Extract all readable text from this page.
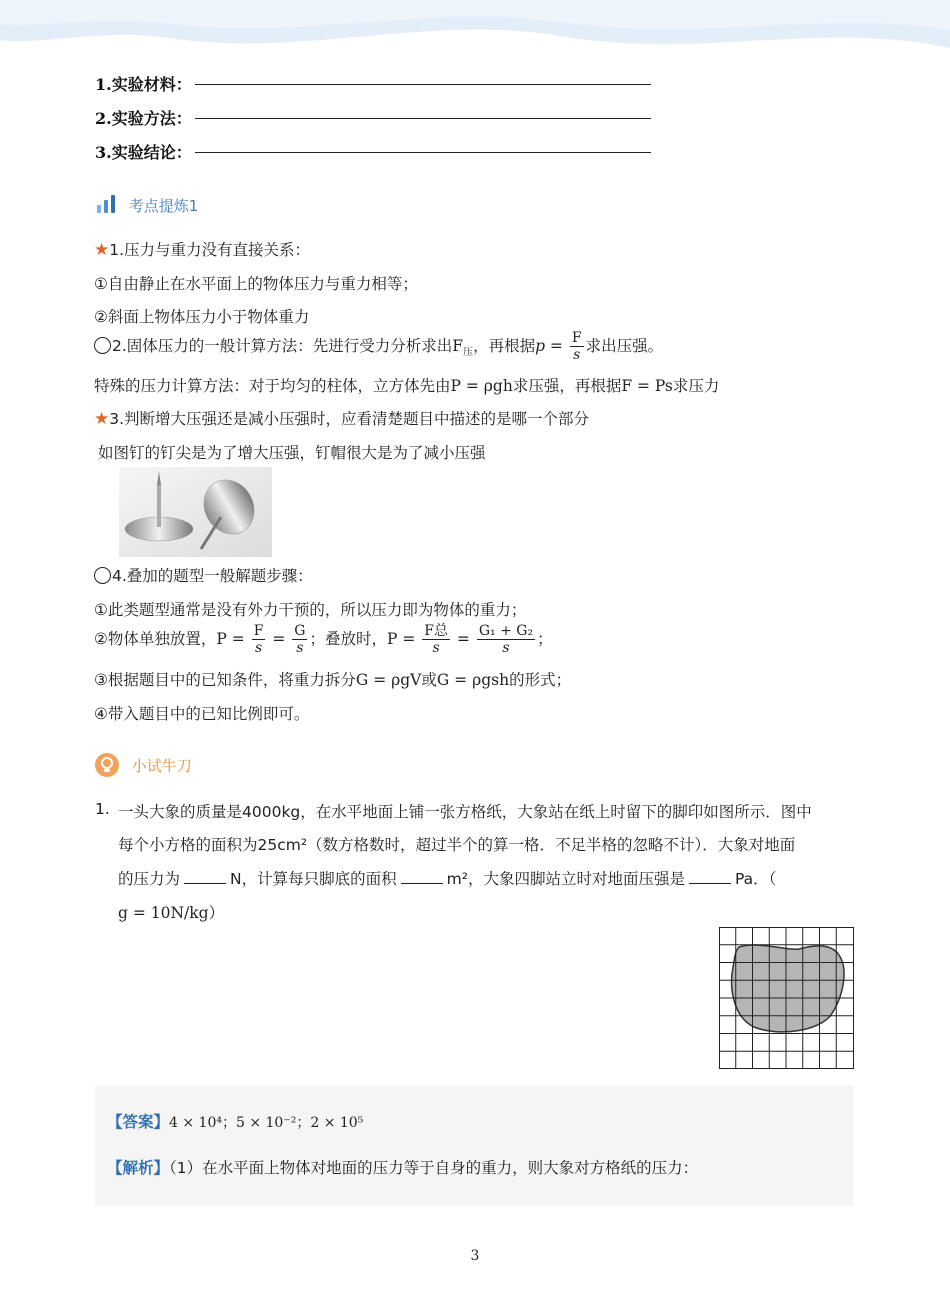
1.实验材料：
2.实验方法：
3.实验结论：
考点提炼1
★1.压力与重力没有直接关系：
①自由静止在水平面上的物体压力与重力相等；
②斜面上物体压力小于物体重力
2.固体压力的一般计算方法：先进行受力分析求出$F_压$，再根据$p = \frac{F}{s}$ 求出压强。
特殊的压力计算方法：对于均匀的柱体，立方体先由P = ρgh求压强，再根据F = Ps求压力
★3.判断增大压强还是减小压强时，应看清楚题目中描述的是哪一个部分
如图钉的钉尖是为了增大压强，钉帽很大是为了减小压强
4.叠加的题型一般解题步骤：
①此类题型通常是没有外力干预的，所以压力即为物体的重力；
②物体单独放置，$P = \frac{F}{s} = \frac{G}{s}$ ；叠放时，$P = \frac{\text{F总}}{s} = \frac{\text{G₁ + G₂}}{s}$ ；
③根据题目中的已知条件，将重力拆分G = ρgV或G = ρgsh的形式；
④带入题目中的已知比例即可。
小试牛刀
1. 一头大象的质量是4000kg，在水平地面上铺一张方格纸，大象站在纸上时留下的脚印如图所示．图中
每个小方格的面积为25cm²（数方格数时，超过半个的算一格．不足半格的忽略不计）．大象对地面
的压力为	N，计算每只脚底的面积	m²，大象四脚站立时对地面压强是	Pa．（
g = 10N/kg）
【答案】4 × 10⁴；5 × 10⁻²；2 × 10⁵
【解析】（1）在水平面上物体对地面的压力等于自身的重力，则大象对方格纸的压力：
3
